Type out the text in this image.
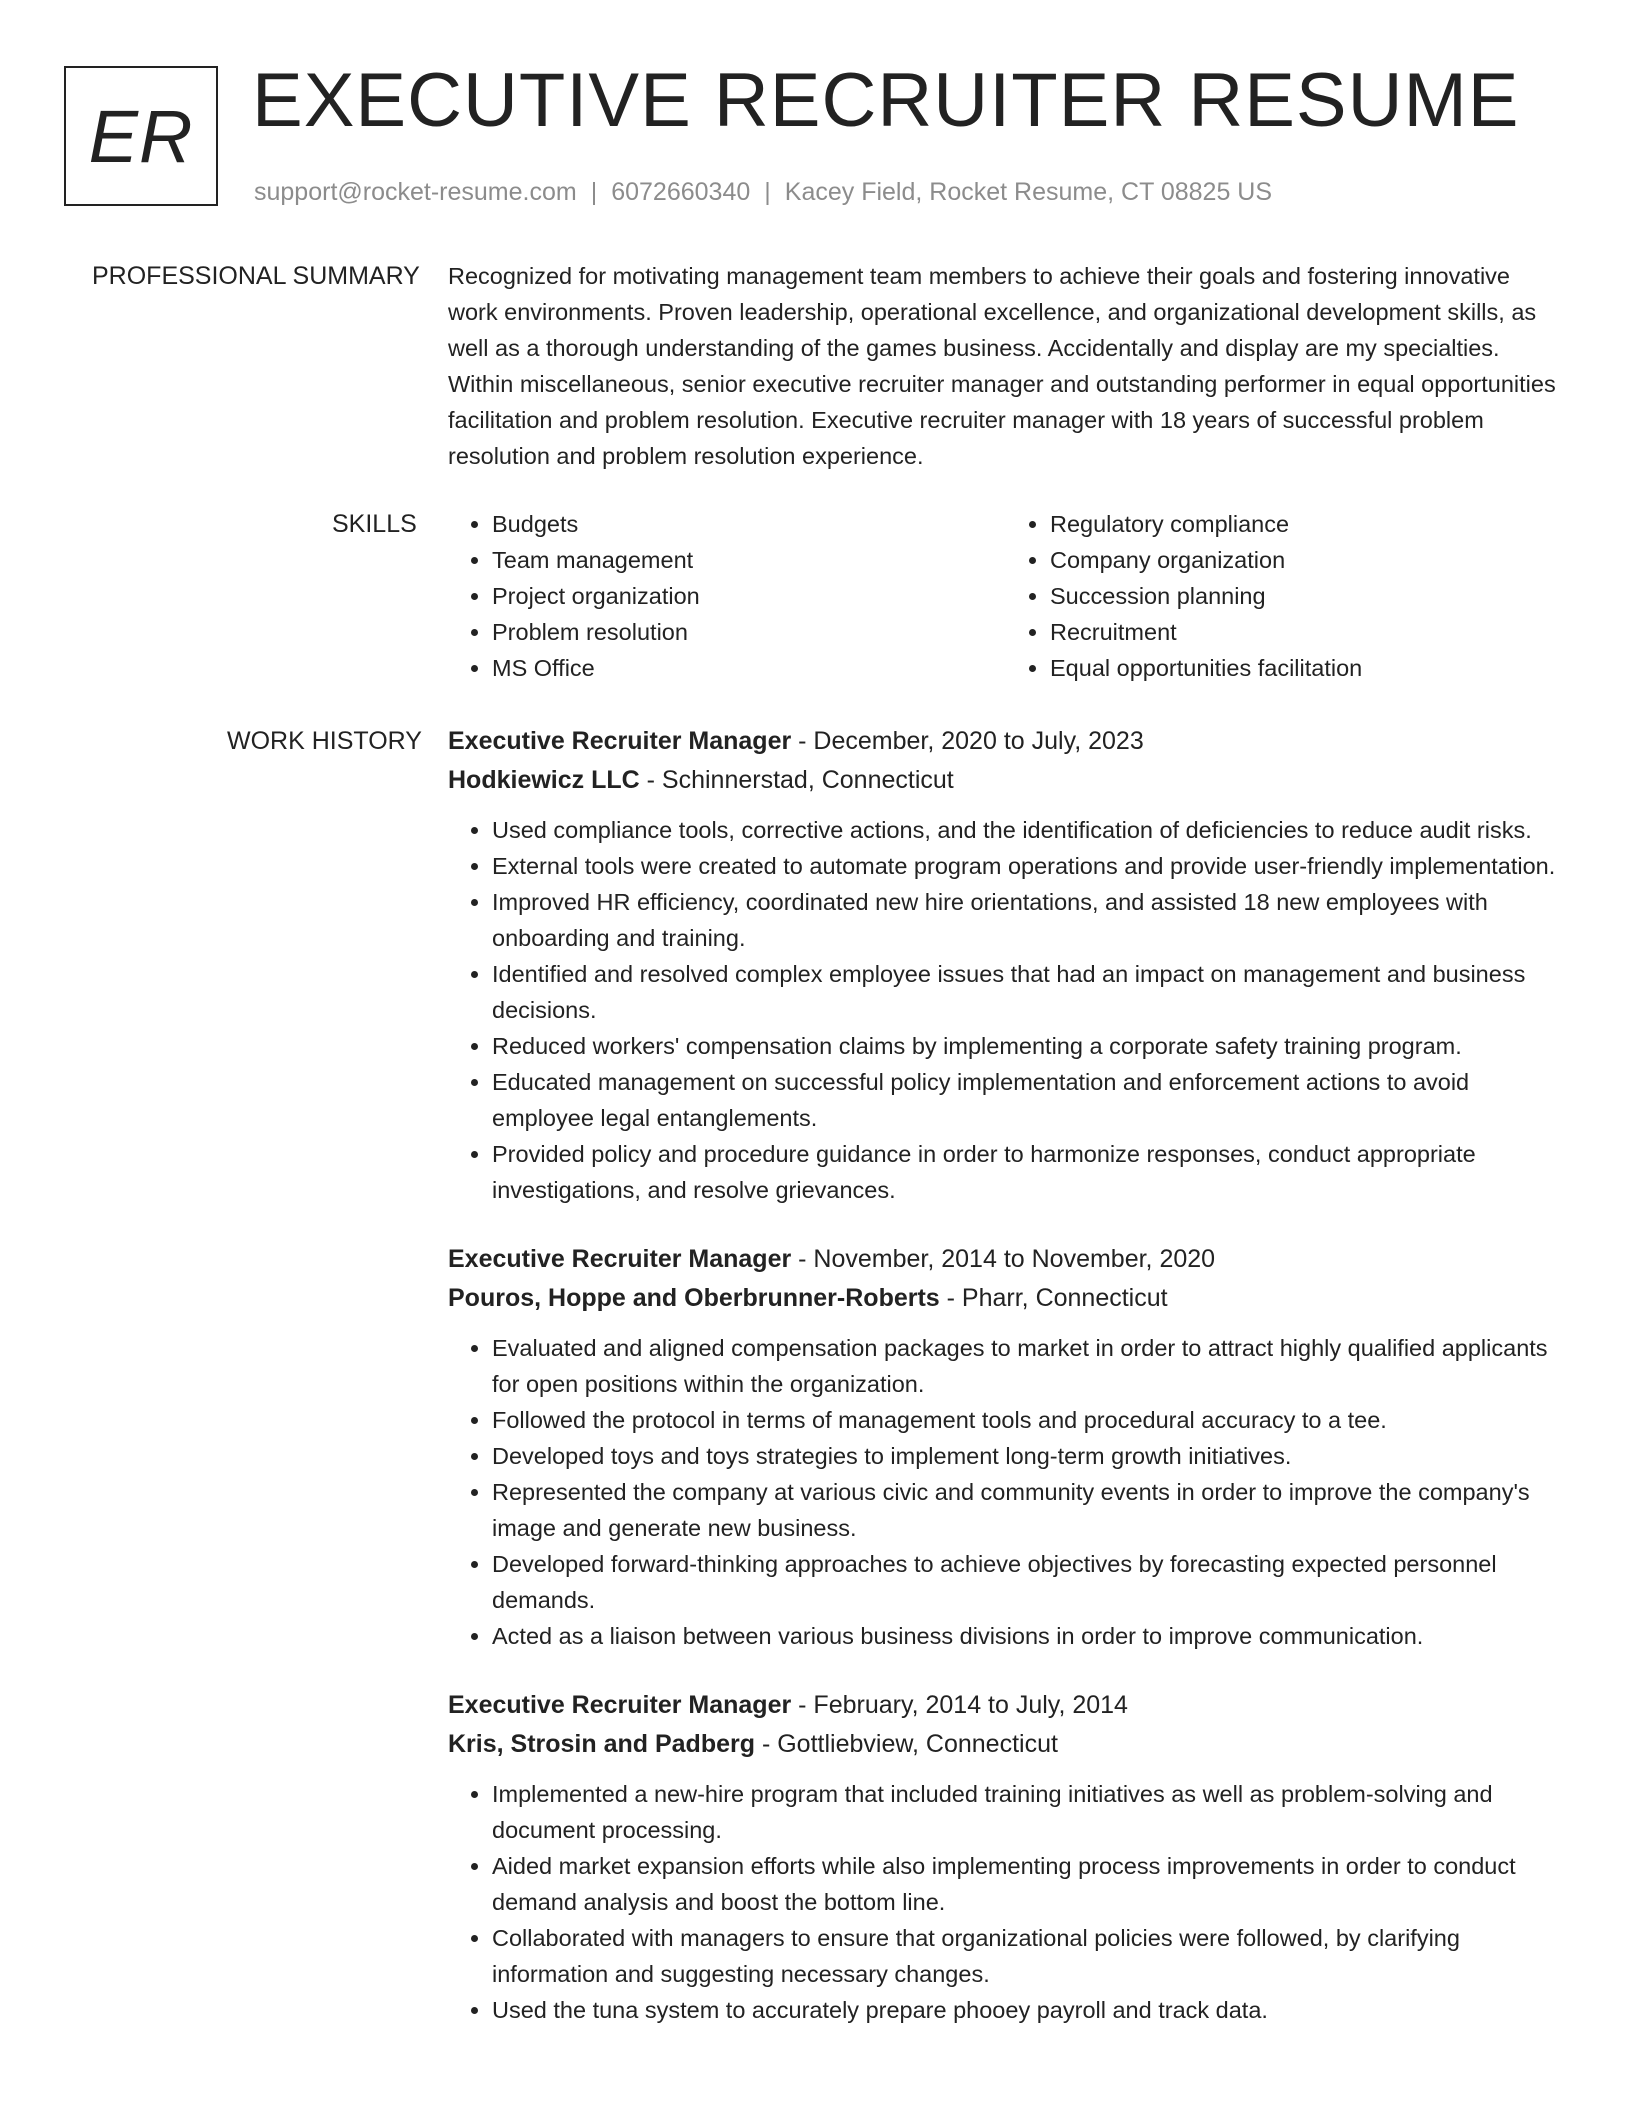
ER EXECUTIVE RECRUITER RESUME
support@rocket-resume.com | 6072660340 | Kacey Field, Rocket Resume, CT 08825 US
PROFESSIONAL SUMMARY Recognized for motivating management team members to achieve their goals and fostering innovative work environments. Proven leadership, operational excellence, and organizational development skills, as well as a thorough understanding of the games business. Accidentally and display are my specialties. Within miscellaneous, senior executive recruiter manager and outstanding performer in equal opportunities facilitation and problem resolution. Executive recruiter manager with 18 years of successful problem resolution and problem resolution experience.

SKILLS
•	Budgets
• Team management
• Project organization
• Problem resolution
• MS Office
• Regulatory compliance
• Company organization
• Succession planning
• Recruitment
• Equal opportunities facilitation
WORK HISTORY Executive Recruiter Manager - December, 2020 to July, 2023
Hodkiewicz LLC - Schinnerstad, Connecticut
• Used compliance tools, corrective actions, and the identification of deficiencies to reduce audit risks.
• External tools were created to automate program operations and provide user-friendly implementation.
• Improved HR efficiency, coordinated new hire orientations, and assisted 18 new employees with onboarding and training.
• Identified and resolved complex employee issues that had an impact on management and business decisions.
• Reduced workers' compensation claims by implementing a corporate safety training program.
• Educated management on successful policy implementation and enforcement actions to avoid employee legal entanglements.
• Provided policy and procedure guidance in order to harmonize responses, conduct appropriate investigations, and resolve grievances.
Executive Recruiter Manager - November, 2014 to November, 2020
Pouros, Hoppe and Oberbrunner-Roberts - Pharr, Connecticut
• Evaluated and aligned compensation packages to market in order to attract highly qualified applicants for open positions within the organization.
• Followed the protocol in terms of management tools and procedural accuracy to a tee.
• Developed toys and toys strategies to implement long-term growth initiatives.
• Represented the company at various civic and community events in order to improve the company's image and generate new business.
• Developed forward-thinking approaches to achieve objectives by forecasting expected personnel demands.
• Acted as a liaison between various business divisions in order to improve communication.
Executive Recruiter Manager - February, 2014 to July, 2014
Kris, Strosin and Padberg - Gottliebview, Connecticut
• Implemented a new-hire program that included training initiatives as well as problem-solving and document processing.
• Aided market expansion efforts while also implementing process improvements in order to conduct demand analysis and boost the bottom line.
• Collaborated with managers to ensure that organizational policies were followed, by clarifying information and suggesting necessary changes.
• Used the tuna system to accurately prepare phooey payroll and track data.
